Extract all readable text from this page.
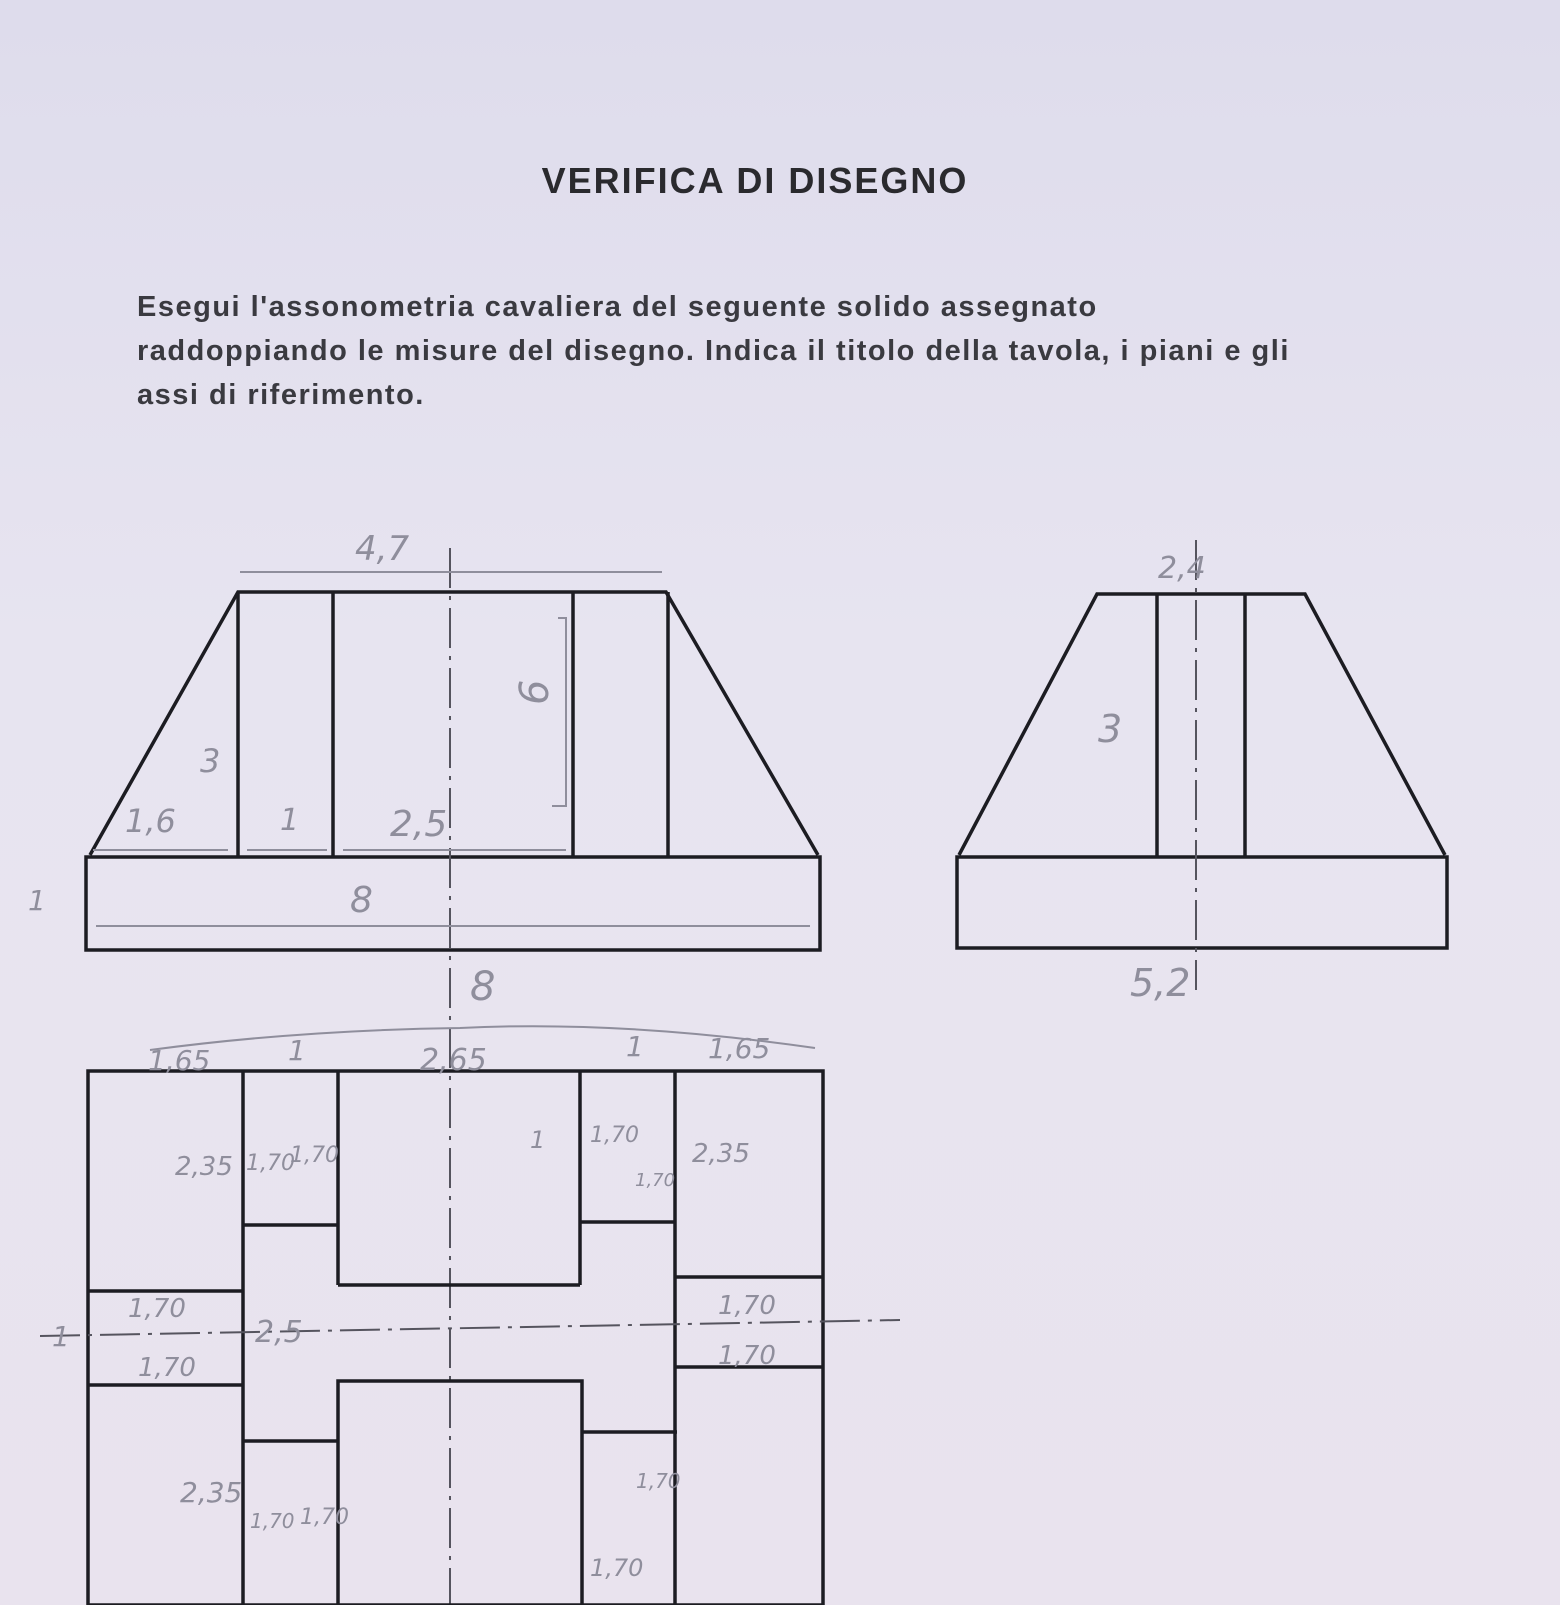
VERIFICA DI DISEGNO
Esegui l'assonometria cavaliera del seguente solido assegnato
raddoppiando le misure del disegno. Indica il titolo della tavola, i piani e gli
assi di riferimento.
4,7
6
3
1,6	1	2,5
8
1
2,4
3
5,2
8
1,65	1	2,65	1 1,65
2,35 1,70
1,70
1 1,70
1,70
2,35
1,70
1,70
2,5
1,70
1,70
1
2,35
1,70 1,70
1,70
1,70
